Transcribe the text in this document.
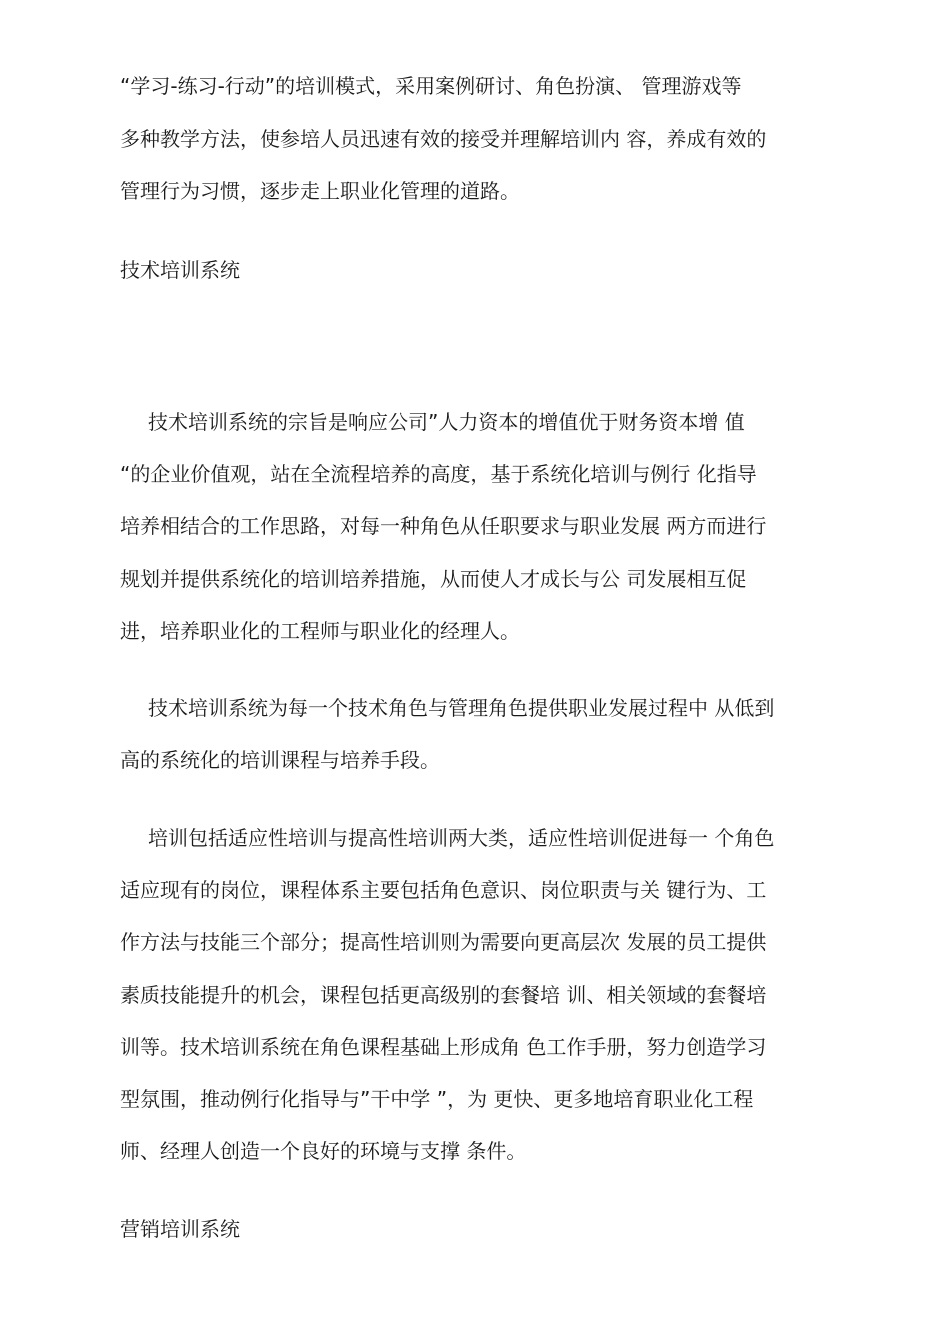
“学习-练习-行动”的培训模式，采用案例研讨、角色扮演、 管理游戏等
多种教学方法，使参培人员迅速有效的接受并理解培训内 容，养成有效的
管理行为习惯，逐步走上职业化管理的道路。
技术培训系统
技术培训系统的宗旨是响应公司”人力资本的增值优于财务资本增 值
“的企业价值观，站在全流程培养的高度，基于系统化培训与例行 化指导
培养相结合的工作思路，对每一种角色从任职要求与职业发展 两方而进行
规划并提供系统化的培训培养措施，从而使人才成长与公 司发展相互促
进，培养职业化的工程师与职业化的经理人。
技术培训系统为每一个技术角色与管理角色提供职业发展过程中 从低到
高的系统化的培训课程与培养手段。
培训包括适应性培训与提高性培训两大类，适应性培训促进每一 个角色
适应现有的岗位，课程体系主要包括角色意识、岗位职责与关 键行为、工
作方法与技能三个部分；提高性培训则为需要向更高层次 发展的员工提供
素质技能提升的机会，课程包括更高级别的套餐培 训、相关领域的套餐培
训等。技术培训系统在角色课程基础上形成角 色工作手册，努力创造学习
型氛围，推动例行化指导与”干中学 ”，为 更快、更多地培育职业化工程
师、经理人创造一个良好的环境与支撑 条件。
营销培训系统
